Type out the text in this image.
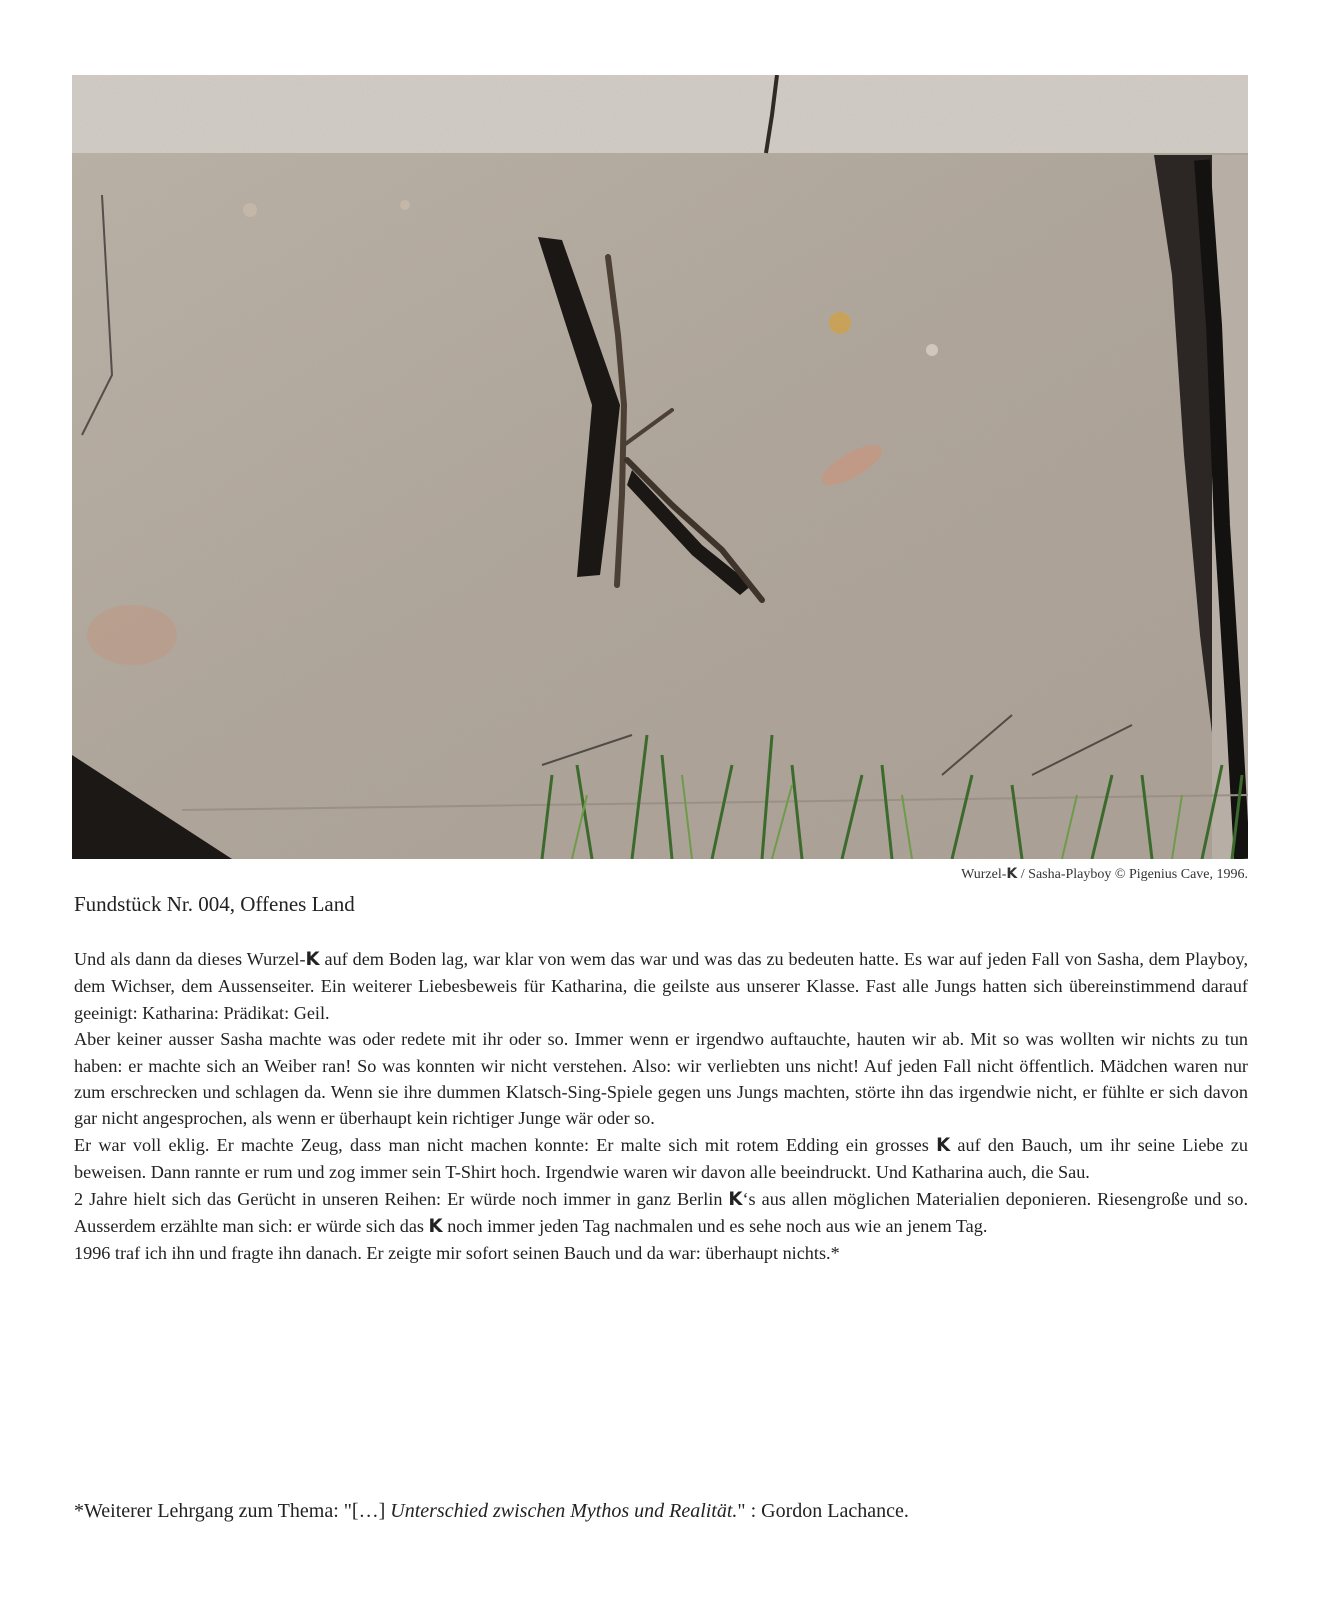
Wurzel-K / Sasha-Playboy © Pigenius Cave, 1996.
Fundstück Nr. 004, Offenes Land

Und als dann da dieses Wurzel-K auf dem Boden lag, war klar von wem das war und was das zu bedeuten hatte. Es war auf jeden Fall von Sasha, dem Playboy, dem Wichser, dem Aussenseiter. Ein weiterer Liebesbeweis für Katharina, die geilste aus unserer Klasse. Fast alle Jungs hatten sich übereinstimmend darauf geeinigt: Katharina: Prädikat: Geil.

Aber keiner ausser Sasha machte was oder redete mit ihr oder so. Immer wenn er irgendwo auftauchte, hauten wir ab. Mit so was wollten wir nichts zu tun haben: er machte sich an Weiber ran! So was konnten wir nicht verstehen. Also: wir verliebten uns nicht! Auf jeden Fall nicht öffentlich. Mädchen waren nur zum erschrecken und schlagen da. Wenn sie ihre dummen Klatsch-Sing-Spiele gegen uns Jungs machten, störte ihn das irgendwie nicht, er fühlte er sich davon gar nicht angesprochen, als wenn er überhaupt kein richtiger Junge wär oder so.

Er war voll eklig. Er machte Zeug, dass man nicht machen konnte: Er malte sich mit rotem Edding ein grosses K auf den Bauch, um ihr seine Liebe zu beweisen. Dann rannte er rum und zog immer sein T-Shirt hoch. Irgendwie waren wir davon alle beeindruckt. Und Katharina auch, die Sau.

2 Jahre hielt sich das Gerücht in unseren Reihen: Er würde noch immer in ganz Berlin K‘s aus allen möglichen Materialien deponieren. Riesengroße und so. Ausserdem erzählte man sich: er würde sich das K noch immer jeden Tag nachmalen und es sehe noch aus wie an jenem Tag.

1996 traf ich ihn und fragte ihn danach. Er zeigte mir sofort seinen Bauch und da war: überhaupt nichts.*

*Weiterer Lehrgang zum Thema: "[…] Unterschied zwischen Mythos und Realität." : Gordon Lachance.
